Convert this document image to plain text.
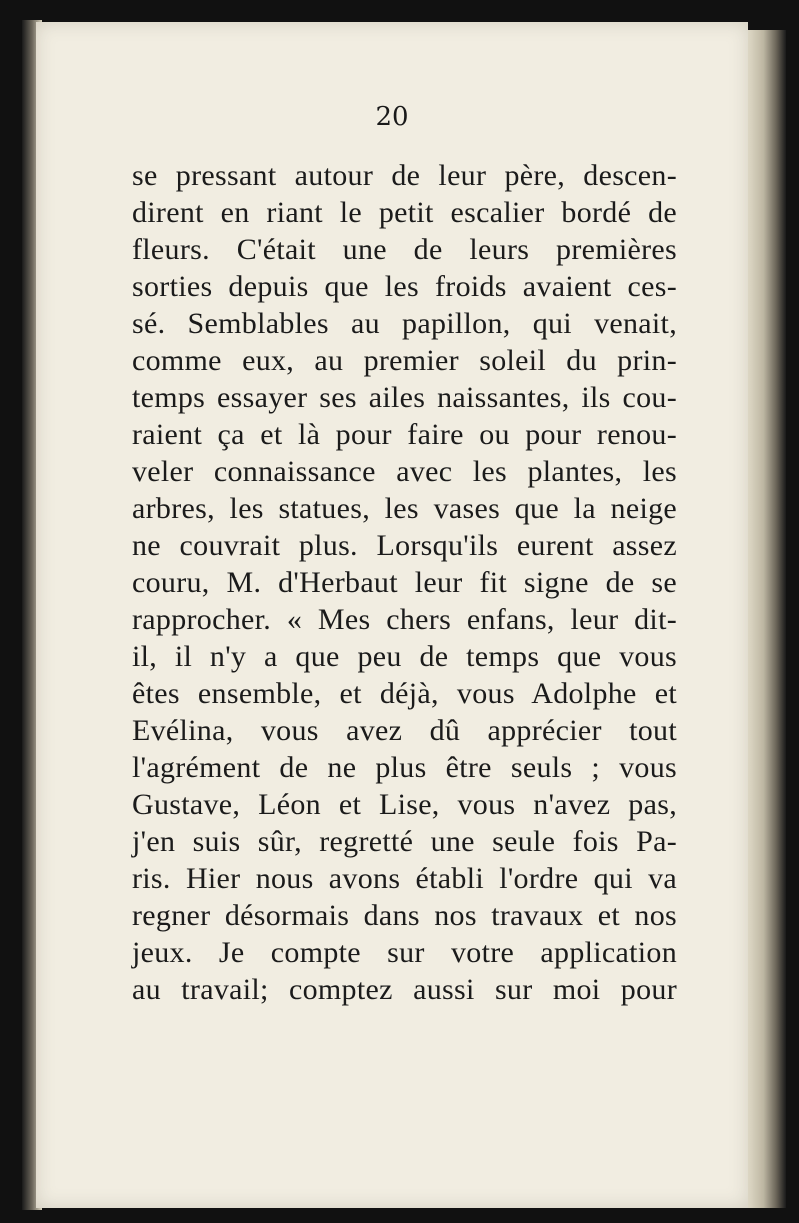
20
se pressant autour de leur père, descen-
dirent en riant le petit escalier bordé de
fleurs. C'était une de leurs premières
sorties depuis que les froids avaient ces-
sé. Semblables au papillon, qui venait,
comme eux, au premier soleil du prin-
temps essayer ses ailes naissantes, ils cou-
raient ça et là pour faire ou pour renou-
veler connaissance avec les plantes, les
arbres, les statues, les vases que la neige
ne couvrait plus. Lorsqu'ils eurent assez
couru, M. d'Herbaut leur fit signe de se
rapprocher. « Mes chers enfans, leur dit-
il, il n'y a que peu de temps que vous
êtes ensemble, et déjà, vous Adolphe et
Evélina, vous avez dû apprécier tout
l'agrément de ne plus être seuls ; vous
Gustave, Léon et Lise, vous n'avez pas,
j'en suis sûr, regretté une seule fois Pa-
ris. Hier nous avons établi l'ordre qui va
regner désormais dans nos travaux et nos
jeux. Je compte sur votre application
au travail; comptez aussi sur moi pour
